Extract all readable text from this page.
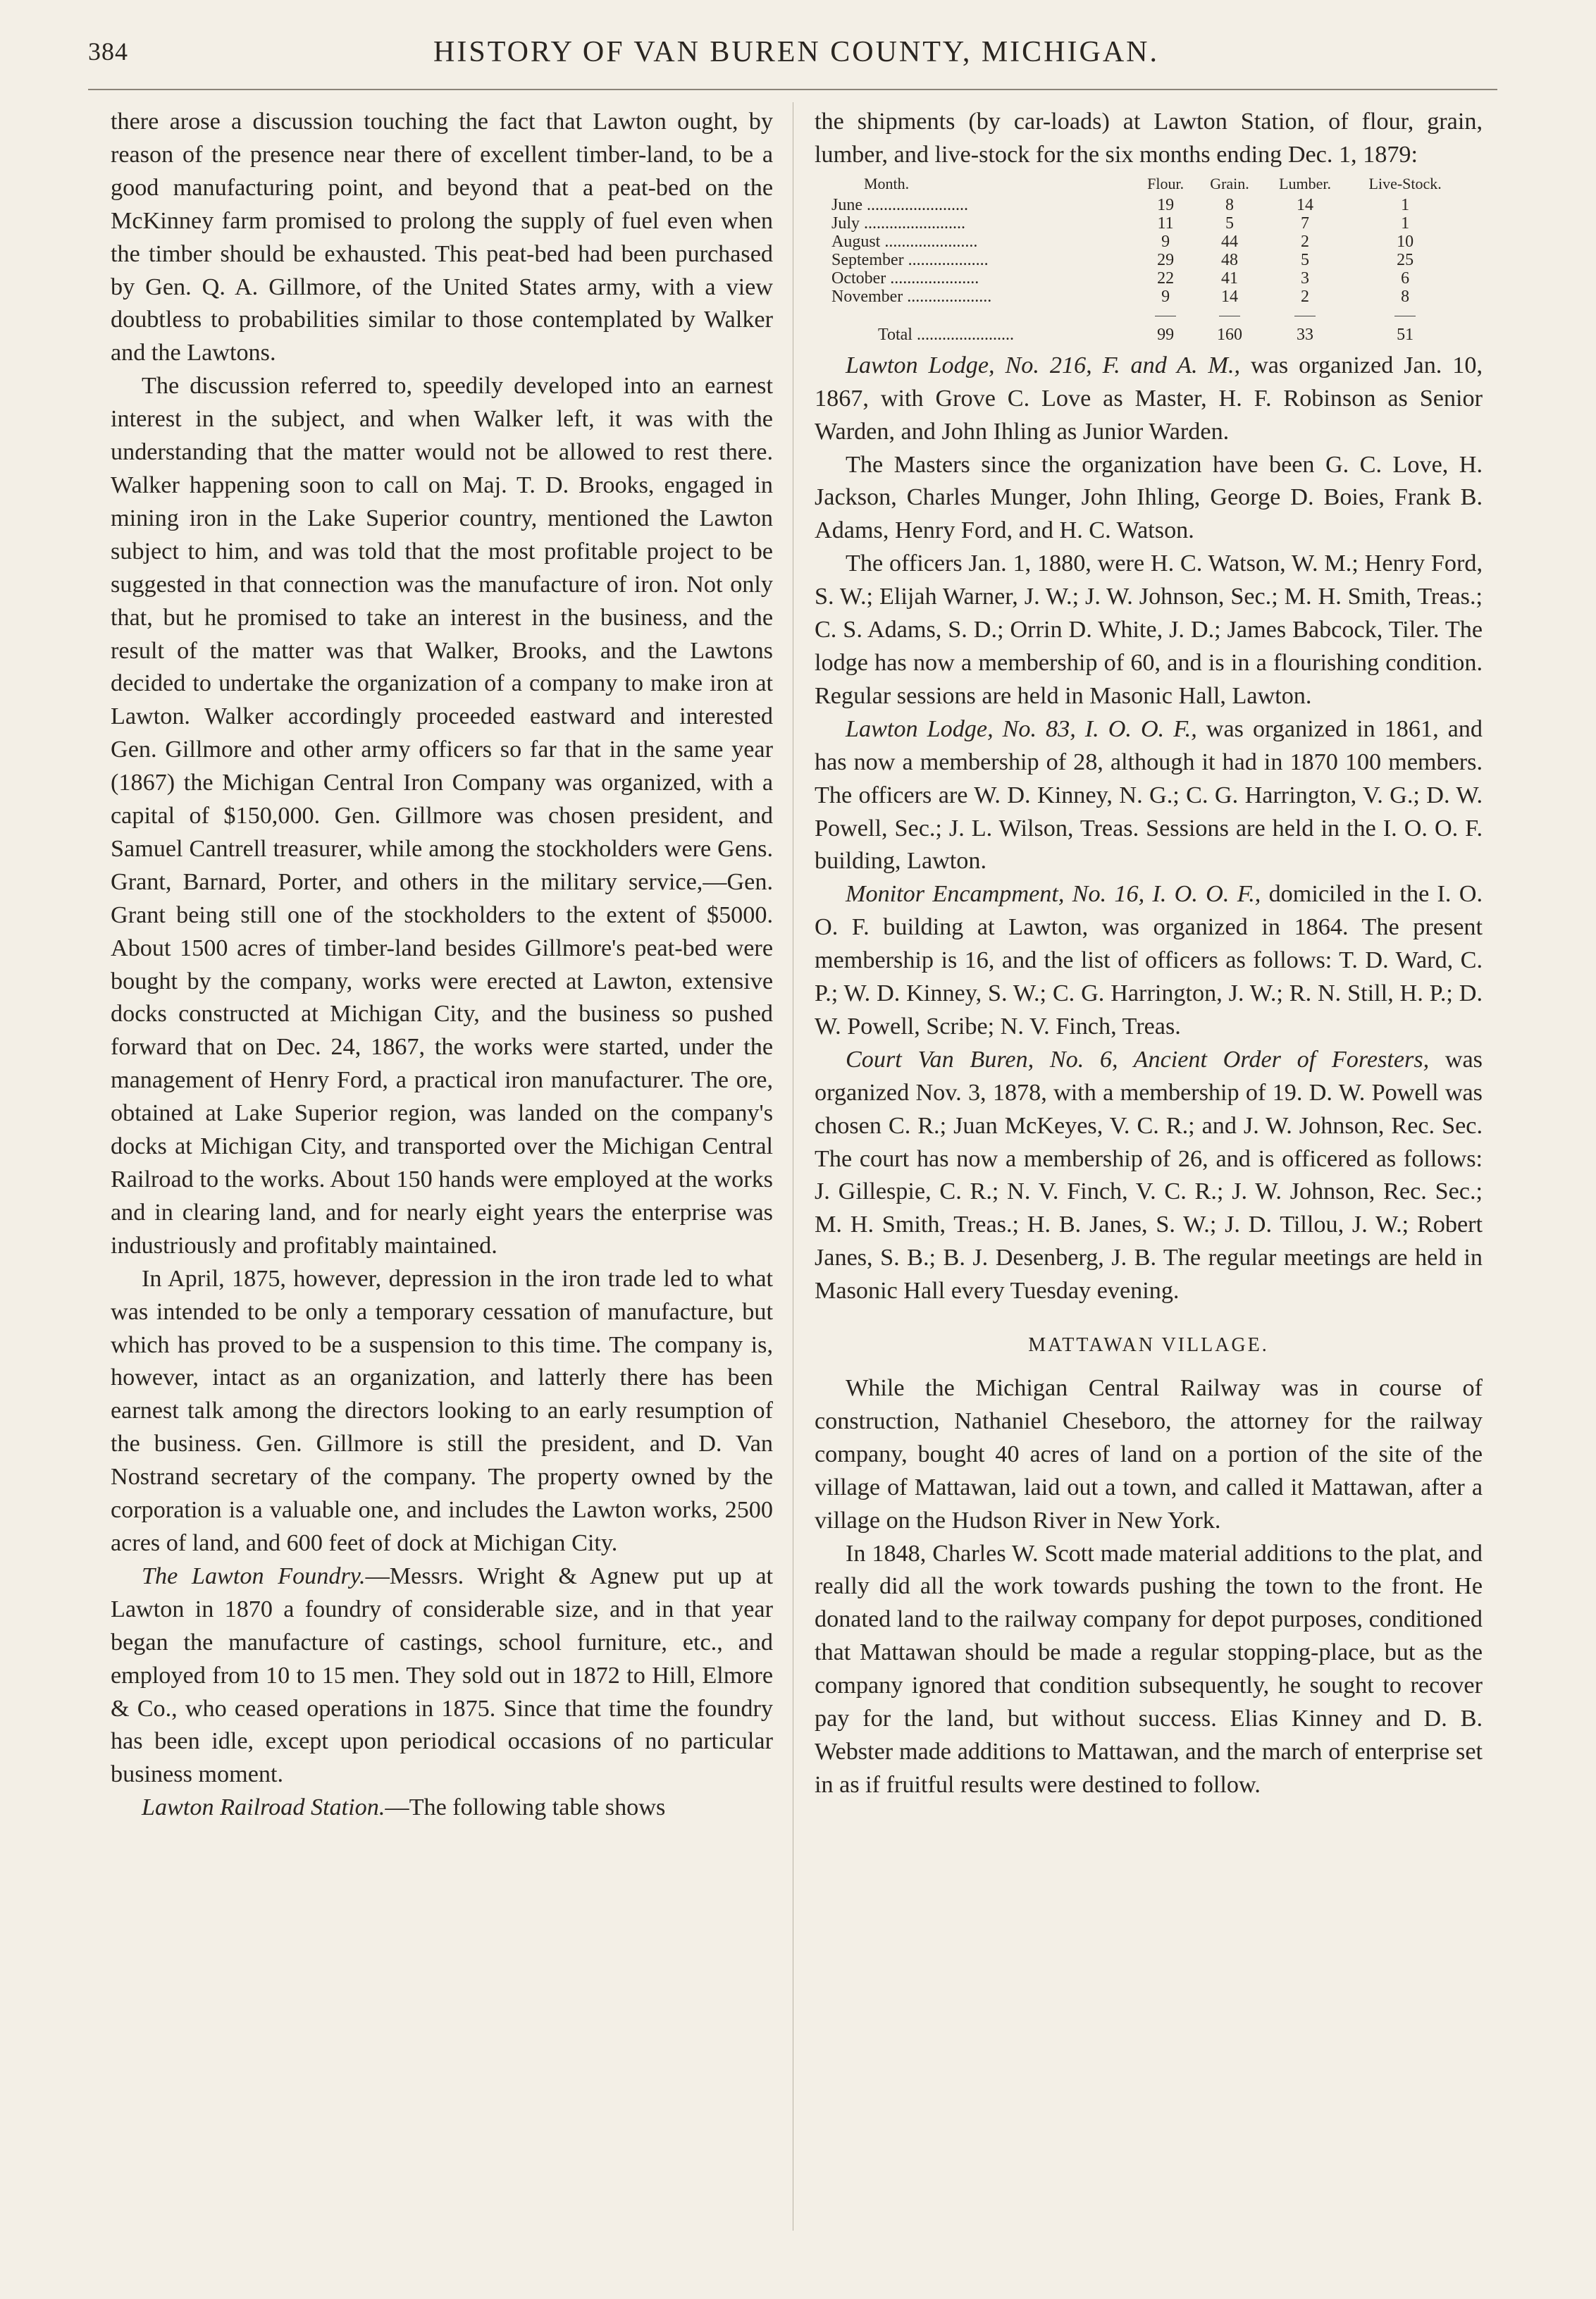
384	HISTORY OF VAN BUREN COUNTY, MICHIGAN.

there arose a discussion touching the fact that Lawton ought, by reason of the presence near there of excellent timber-land, to be a good manufacturing point, and beyond that a peat-bed on the McKinney farm promised to prolong the supply of fuel even when the timber should be exhausted. This peat-bed had been purchased by Gen. Q. A. Gillmore, of the United States army, with a view doubtless to probabilities similar to those contemplated by Walker and the Lawtons.

The discussion referred to, speedily developed into an earnest interest in the subject, and when Walker left, it was with the understanding that the matter would not be allowed to rest there. Walker happening soon to call on Maj. T. D. Brooks, engaged in mining iron in the Lake Superior country, mentioned the Lawton subject to him, and was told that the most profitable project to be suggested in that connection was the manufacture of iron. Not only that, but he promised to take an interest in the business, and the result of the matter was that Walker, Brooks, and the Lawtons decided to undertake the organization of a company to make iron at Lawton. Walker accordingly proceeded eastward and interested Gen. Gillmore and other army officers so far that in the same year (1867) the Michigan Central Iron Company was organized, with a capital of $150,000. Gen. Gillmore was chosen president, and Samuel Cantrell treasurer, while among the stockholders were Gens. Grant, Barnard, Porter, and others in the military service,—Gen. Grant being still one of the stockholders to the extent of $5000. About 1500 acres of timber-land besides Gillmore's peat-bed were bought by the company, works were erected at Lawton, extensive docks constructed at Michigan City, and the business so pushed forward that on Dec. 24, 1867, the works were started, under the management of Henry Ford, a practical iron manufacturer. The ore, obtained at Lake Superior region, was landed on the company's docks at Michigan City, and transported over the Michigan Central Railroad to the works. About 150 hands were employed at the works and in clearing land, and for nearly eight years the enterprise was industriously and profitably maintained.

In April, 1875, however, depression in the iron trade led to what was intended to be only a temporary cessation of manufacture, but which has proved to be a suspension to this time. The company is, however, intact as an organization, and latterly there has been earnest talk among the directors looking to an early resumption of the business. Gen. Gillmore is still the president, and D. Van Nostrand secretary of the company. The property owned by the corporation is a valuable one, and includes the Lawton works, 2500 acres of land, and 600 feet of dock at Michigan City.

The Lawton Foundry.—Messrs. Wright & Agnew put up at Lawton in 1870 a foundry of considerable size, and in that year began the manufacture of castings, school furniture, etc., and employed from 10 to 15 men. They sold out in 1872 to Hill, Elmore & Co., who ceased operations in 1875. Since that time the foundry has been idle, except upon periodical occasions of no particular business moment.

Lawton Railroad Station.—The following table shows

the shipments (by car-loads) at Lawton Station, of flour, grain, lumber, and live-stock for the six months ending Dec. 1, 1879:

Month.	Flour.	Grain.	Lumber.	Live-Stock.
June ........................	19	8	14	1
July ........................	11	5	7	1
August ......................	9	44	2	10
September ...................	29	48	5	25
October .....................	22	41	3	6
November ....................	9	14	2	8

Total .......................	99	160	33	51

Lawton Lodge, No. 216, F. and A. M., was organized Jan. 10, 1867, with Grove C. Love as Master, H. F. Robinson as Senior Warden, and John Ihling as Junior Warden.

The Masters since the organization have been G. C. Love, H. Jackson, Charles Munger, John Ihling, George D. Boies, Frank B. Adams, Henry Ford, and H. C. Watson.

The officers Jan. 1, 1880, were H. C. Watson, W. M.; Henry Ford, S. W.; Elijah Warner, J. W.; J. W. Johnson, Sec.; M. H. Smith, Treas.; C. S. Adams, S. D.; Orrin D. White, J. D.; James Babcock, Tiler. The lodge has now a membership of 60, and is in a flourishing condition. Regular sessions are held in Masonic Hall, Lawton.

Lawton Lodge, No. 83, I. O. O. F., was organized in 1861, and has now a membership of 28, although it had in 1870 100 members. The officers are W. D. Kinney, N. G.; C. G. Harrington, V. G.; D. W. Powell, Sec.; J. L. Wilson, Treas. Sessions are held in the I. O. O. F. building, Lawton.

Monitor Encampment, No. 16, I. O. O. F., domiciled in the I. O. O. F. building at Lawton, was organized in 1864. The present membership is 16, and the list of officers as follows: T. D. Ward, C. P.; W. D. Kinney, S. W.; C. G. Harrington, J. W.; R. N. Still, H. P.; D. W. Powell, Scribe; N. V. Finch, Treas.

Court Van Buren, No. 6, Ancient Order of Foresters, was organized Nov. 3, 1878, with a membership of 19. D. W. Powell was chosen C. R.; Juan McKeyes, V. C. R.; and J. W. Johnson, Rec. Sec. The court has now a membership of 26, and is officered as follows: J. Gillespie, C. R.; N. V. Finch, V. C. R.; J. W. Johnson, Rec. Sec.; M. H. Smith, Treas.; H. B. Janes, S. W.; J. D. Tillou, J. W.; Robert Janes, S. B.; B. J. Desenberg, J. B. The regular meetings are held in Masonic Hall every Tuesday evening.

MATTAWAN VILLAGE.

While the Michigan Central Railway was in course of construction, Nathaniel Cheseboro, the attorney for the railway company, bought 40 acres of land on a portion of the site of the village of Mattawan, laid out a town, and called it Mattawan, after a village on the Hudson River in New York.

In 1848, Charles W. Scott made material additions to the plat, and really did all the work towards pushing the town to the front. He donated land to the railway company for depot purposes, conditioned that Mattawan should be made a regular stopping-place, but as the company ignored that condition subsequently, he sought to recover pay for the land, but without success. Elias Kinney and D. B. Webster made additions to Mattawan, and the march of enterprise set in as if fruitful results were destined to follow.
